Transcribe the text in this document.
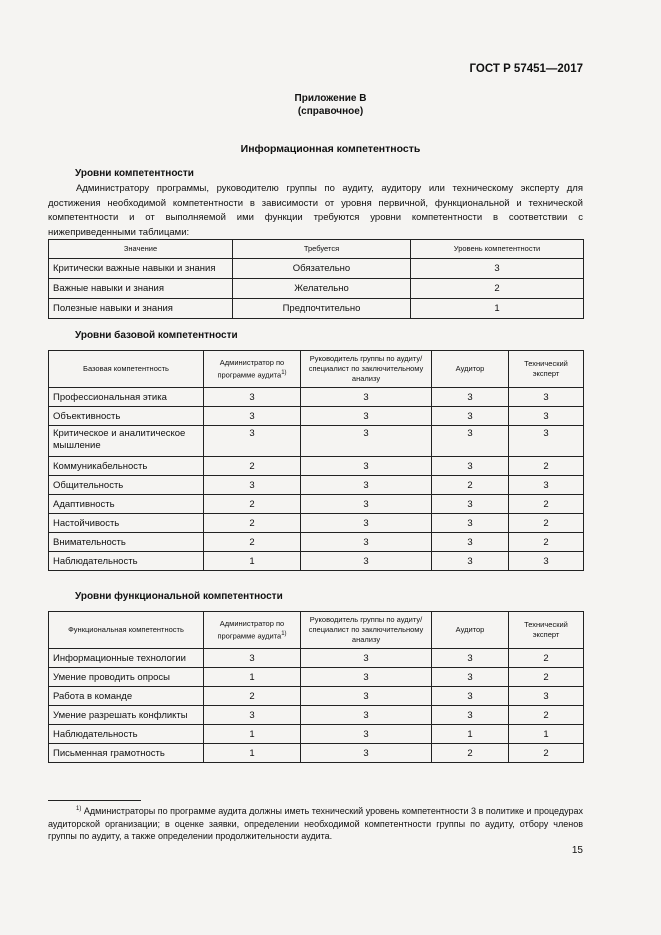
ГОСТ Р 57451—2017
Приложение В
(справочное)
Информационная компетентность
Уровни компетентности
Администратору программы, руководителю группы по аудиту, аудитору или техническому эксперту для достижения необходимой компетентности в зависимости от уровня первичной, функциональной и технической компетентности и от выполняемой ими функции требуются уровни компетентности в соответствии с нижеприведенными таблицами:
Значение	Требуется	Уровень компетентности
Критически важные навыки и знания	Обязательно	3
Важные навыки и знания	Желательно	2
Полезные навыки и знания	Предпочтительно	1
Уровни базовой компетентности
Базовая компетентность	Администратор по программе аудита$^{1)}$	Руководитель группы по аудиту/специалист по заключительному анализу	Аудитор	Технический эксперт
Профессиональная этика	3	3	3	3
Объективность	3	3	3	3
Критическое и аналитическое мышление	3	3	3	3
Коммуникабельность	2	3	3	2
Общительность	3	3	2	3
Адаптивность	2	3	3	2
Настойчивость	2	3	3	2
Внимательность	2	3	3	2
Наблюдательность	1	3	3	3
Уровни функциональной компетентности
Функциональная компетентность	Администратор по программе аудита$^{1)}$	Руководитель группы по аудиту/специалист по заключительному анализу	Аудитор	Технический эксперт
Информационные технологии	3	3	3	2
Умение проводить опросы	1	3	3	2
Работа в команде	2	3	3	3
Умение разрешать конфликты	3	3	3	2
Наблюдательность	1	3	1	1
Письменная грамотность	1	3	2	2
$^{1)}$ Администраторы по программе аудита должны иметь технический уровень компетентности 3 в политике и процедурах аудиторской организации; в оценке заявки, определении необходимой компетентности группы по аудиту, отбору членов группы по аудиту, а также определении продолжительности аудита.
15
